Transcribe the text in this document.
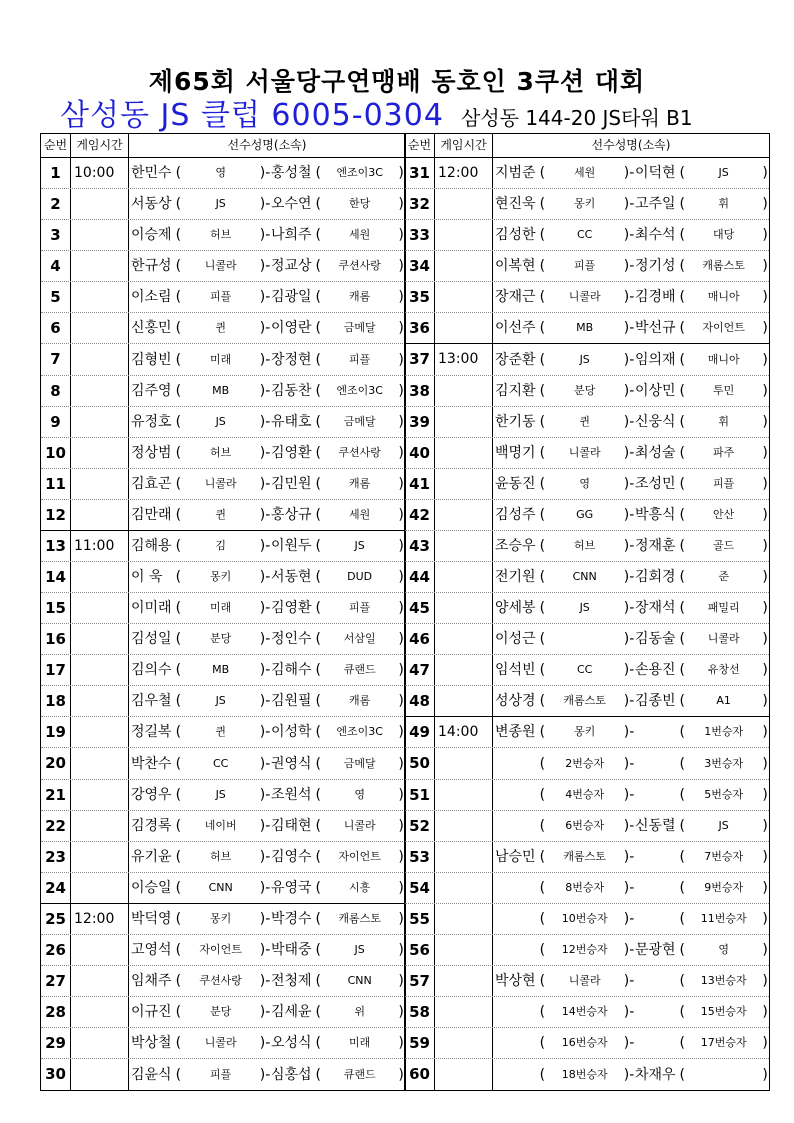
제65회 서울당구연맹배 동호인 3쿠션 대회
삼성동 JS 클럽 6005-0304 삼성동 144-20 JS타워 B1
순번 게임시간	선수성명(소속)
1 10:00	한민수 (	영	)- 홍성철 (	엔조이3C	)
2	서동상 (	JS	)- 오수연 (	한당	)
3	이승제 (	허브	)- 나희주 (	세원	)
4	한규성 (	니콜라	)- 정교상 (	쿠션사랑	)
5	이소림 (	피플	)- 김광일 (	캐롬	)
6	신홍민 (	퀸	)- 이영란 (	금메달	)
7	김형빈 (	미래	)- 장정현 (	피플	)
8	김주영 (	MB	)- 김동찬 (	엔조이3C	)
9	유정호 (	JS	)- 유태호 (	금메달	)
10	정상범 (	허브	)- 김영환 (	쿠션사랑	)
11	김효곤 (	니콜라	)- 김민원 (	캐롬	)
12	김만래 (	퀸	)- 홍상규 (	세원	)
13 11:00	김해용 (	김	)- 이원두 (	JS	)
14	이 욱 (	몽키	)- 서동현 (	DUD	)
15	이미래 (	미래	)- 김영환 (	피플	)
16	김성일 (	분당	)- 정인수 (	서삼일	)
17	김의수 (	MB	)- 김해수 (	큐랜드	)
18	김우철 (	JS	)- 김원필 (	캐롬	)
19	정길복 (	퀸	)- 이성학 (	엔조이3C	)
20	박찬수 (	CC	)- 권영식 (	금메달	)
21	강영우 (	JS	)- 조원석 (	영	)
22	김경록 (	네이버	)- 김태현 (	니콜라	)
23	유기윤 (	허브	)- 김영수 (	자이언트	)
24	이승일 (	CNN	)- 유영국 (	시흥	)
25 12:00	박덕영 (	몽키	)- 박경수 (	캐롬스토	)
26	고영석 (	자이언트	)- 박태중 (	JS	)
27	임채주 (	쿠션사랑	)- 전청제 (	CNN	)
28	이규진 (	분당	)- 김세윤 (	위	)
29	박상철 (	니콜라	)- 오성식 (	미래	)
30	김윤식 (	피플	)- 심홍섭 (	큐랜드	)
순번 게임시간	선수성명(소속)
31 12:00	지범준 (	세원	)- 이덕현 (	JS	)
32	현진욱 (	몽키	)- 고주일 (	휘	)
33	김성한 (	CC	)- 최수석 (	대당	)
34	이복현 (	피플	)- 정기성 (	캐롬스토	)
35	장재근 (	니콜라	)- 김경배 (	매니아	)
36	이선주 (	MB	)- 박선규 (	자이언트	)
37 13:00	장준환 (	JS	)- 임의재 (	매니아	)
38	김지환 (	분당	)- 이상민 (	투민	)
39	한기동 (	퀸	)- 신웅식 (	휘	)
40	백명기 (	니콜라	)- 최성술 (	파주	)
41	윤동진 (	영	)- 조성민 (	피플	)
42	김성주 (	GG	)- 박흥식 (	안산	)
43	조승우 (	허브	)- 정재훈 (	골드	)
44	전기원 (	CNN	)- 김회경 (	준	)
45	양세봉 (	JS	)- 장재석 (	패밀리	)
46	이성근 (	)- 김동술 (	니콜라	)
47	임석빈 (	CC	)- 손용진 (	유창선	)
48	성상경 (	캐롬스토	)- 김종빈 (	A1	)
49 14:00	변종원 (	몽키	)-	(	1번승자	)
50	(	2번승자	)-	(	3번승자	)
51	(	4번승자	)-	(	5번승자	)
52	(	6번승자	)- 신동렬 (	JS	)
53	남승민 (	캐롬스토	)-	(	7번승자	)
54	(	8번승자	)-	(	9번승자	)
55	(	10번승자	)-	(	11번승자	)
56	(	12번승자	)- 문광현 (	영	)
57	박상현 (	니콜라	)-	(	13번승자	)
58	(	14번승자	)-	(	15번승자	)
59	(	16번승자	)-	(	17번승자	)
60	(	18번승자	)- 차재우 (	)
